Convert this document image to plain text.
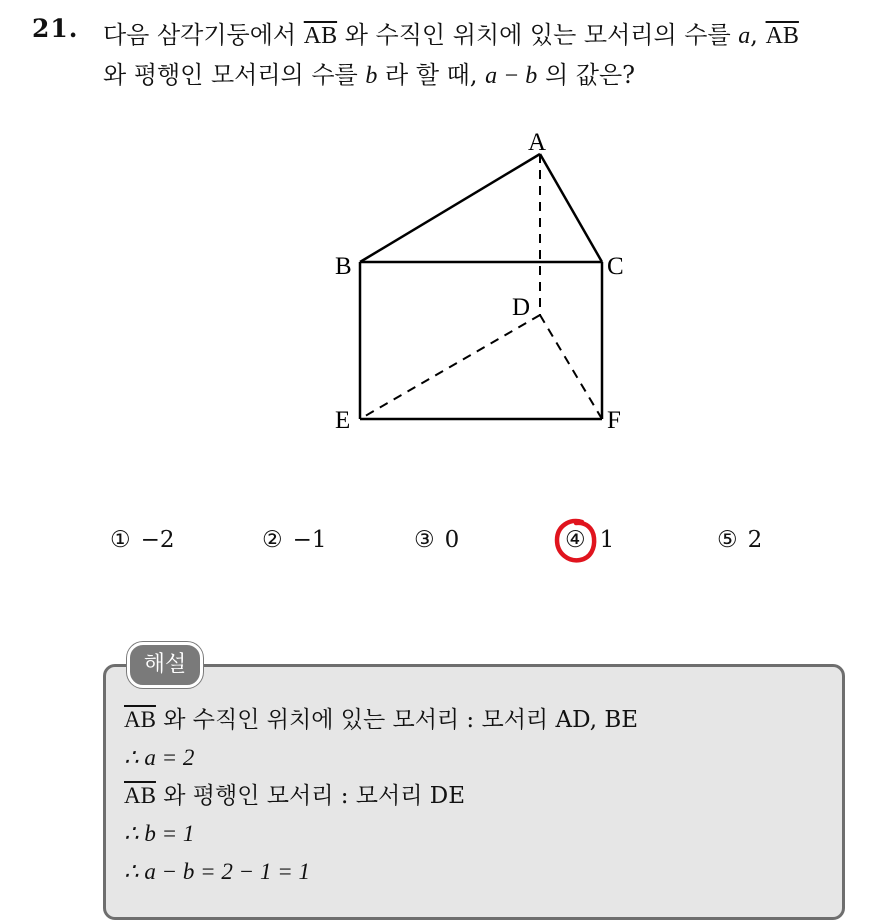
21. 다음 삼각기둥에서 $\overline{AB}$ 와 수직인 위치에 있는 모서리의 수를 a, $\overline{AB}$
와 평행인 모서리의 수를 b 라 할 때, a − b 의 값은?
A
B	C
D
E	F
① −2	② −1	③ 0	④ 1	⑤ 2
해설
$\overline{AB}$ 와 수직인 위치에 있는 모서리 : 모서리 AD, BE
∴ a = 2
$\overline{AB}$ 와 평행인 모서리 : 모서리 DE
∴ b = 1
∴ a − b = 2 − 1 = 1
